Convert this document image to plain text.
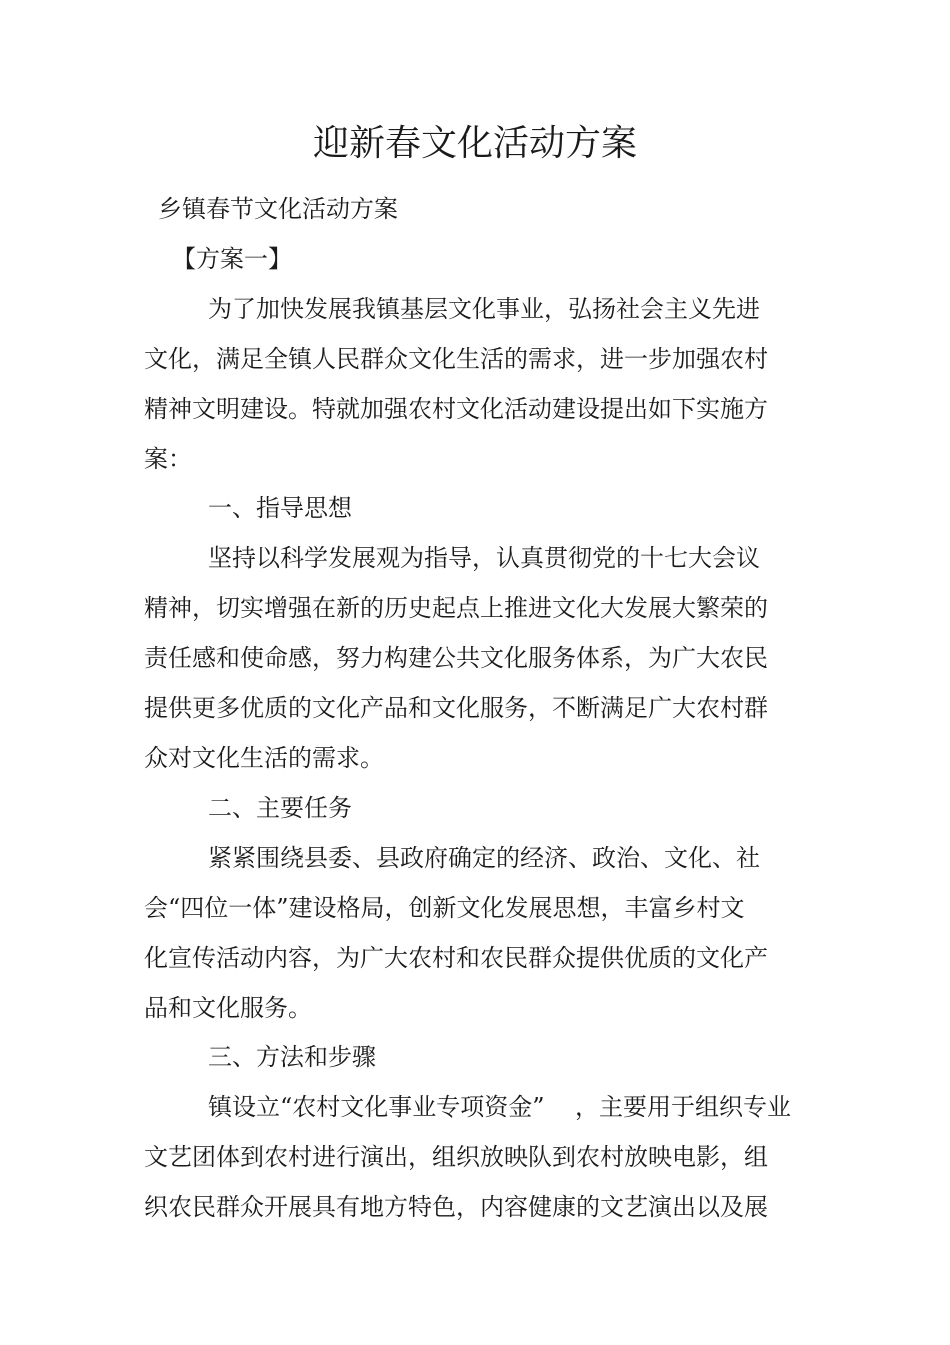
迎新春文化活动方案
乡镇春节文化活动方案
【方案一】
为了加快发展我镇基层文化事业，弘扬社会主义先进
文化，满足全镇人民群众文化生活的需求，进一步加强农村
精神文明建设。特就加强农村文化活动建设提出如下实施方
案：
一、指导思想
坚持以科学发展观为指导，认真贯彻党的十七大会议
精神，切实增强在新的历史起点上推进文化大发展大繁荣的
责任感和使命感，努力构建公共文化服务体系，为广大农民
提供更多优质的文化产品和文化服务，不断满足广大农村群
众对文化生活的需求。
二、主要任务
紧紧围绕县委、县政府确定的经济、政治、文化、社
会“四位一体”建设格局，创新文化发展思想，丰富乡村文
化宣传活动内容，为广大农村和农民群众提供优质的文化产
品和文化服务。
三、方法和步骤
镇设立“农村文化事业专项资金”    ，主要用于组织专业
文艺团体到农村进行演出，组织放映队到农村放映电影，组
织农民群众开展具有地方特色，内容健康的文艺演出以及展
